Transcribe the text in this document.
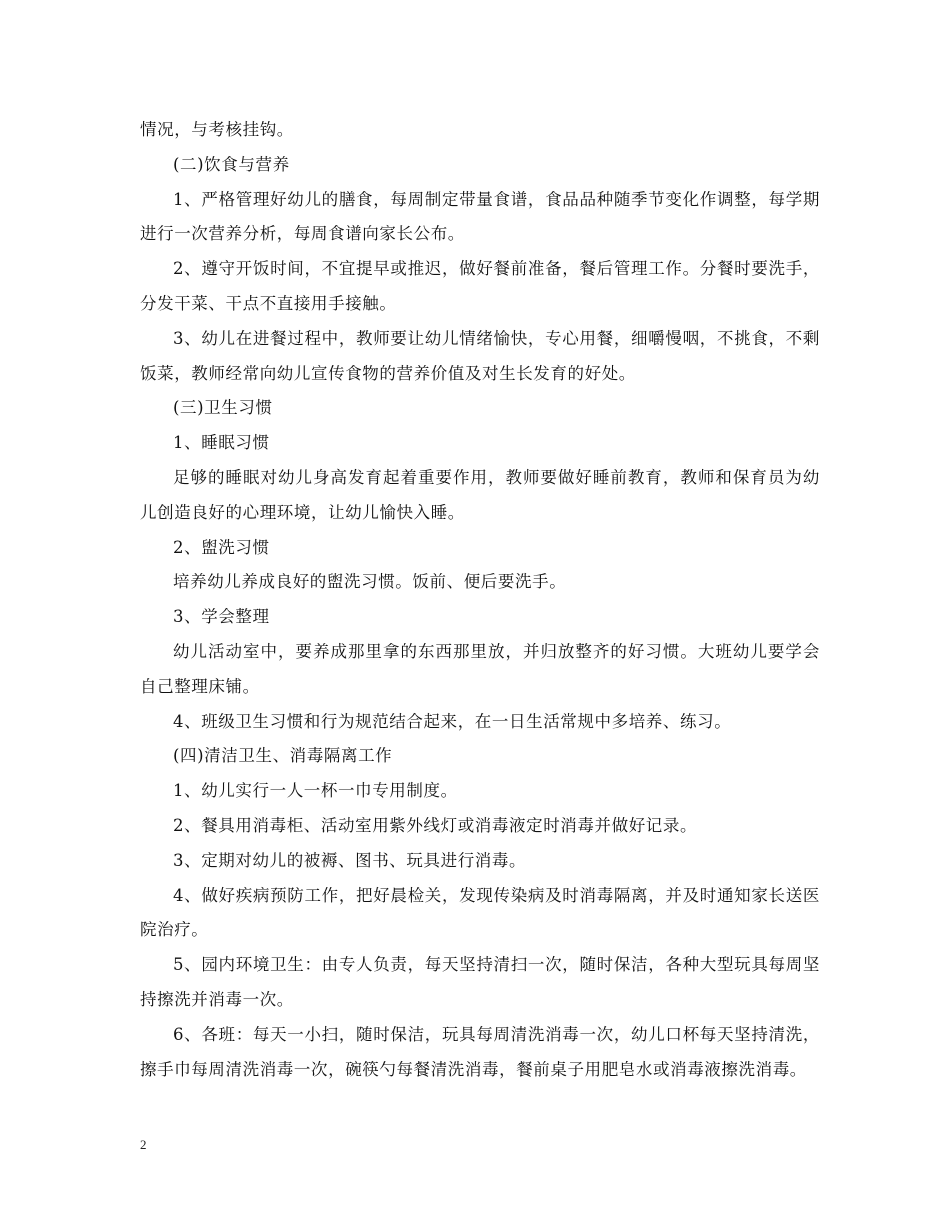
情况，与考核挂钩。

(二)饮食与营养

1、严格管理好幼儿的膳食，每周制定带量食谱，食品品种随季节变化作调整，每学期进行一次营养分析，每周食谱向家长公布。

2、遵守开饭时间，不宜提早或推迟，做好餐前准备，餐后管理工作。分餐时要洗手，分发干菜、干点不直接用手接触。

3、幼儿在进餐过程中，教师要让幼儿情绪愉快，专心用餐，细嚼慢咽，不挑食，不剩饭菜，教师经常向幼儿宣传食物的营养价值及对生长发育的好处。

(三)卫生习惯

1、睡眠习惯

足够的睡眠对幼儿身高发育起着重要作用，教师要做好睡前教育，教师和保育员为幼儿创造良好的心理环境，让幼儿愉快入睡。

2、盥洗习惯

培养幼儿养成良好的盥洗习惯。饭前、便后要洗手。

3、学会整理

幼儿活动室中，要养成那里拿的东西那里放，并归放整齐的好习惯。大班幼儿要学会自己整理床铺。

4、班级卫生习惯和行为规范结合起来，在一日生活常规中多培养、练习。

(四)清洁卫生、消毒隔离工作

1、幼儿实行一人一杯一巾专用制度。

2、餐具用消毒柜、活动室用紫外线灯或消毒液定时消毒并做好记录。

3、定期对幼儿的被褥、图书、玩具进行消毒。

4、做好疾病预防工作，把好晨检关，发现传染病及时消毒隔离，并及时通知家长送医院治疗。

5、园内环境卫生：由专人负责，每天坚持清扫一次，随时保洁，各种大型玩具每周坚持擦洗并消毒一次。

6、各班：每天一小扫，随时保洁，玩具每周清洗消毒一次，幼儿口杯每天坚持清洗，擦手巾每周清洗消毒一次，碗筷勺每餐清洗消毒，餐前桌子用肥皂水或消毒液擦洗消毒。

2
